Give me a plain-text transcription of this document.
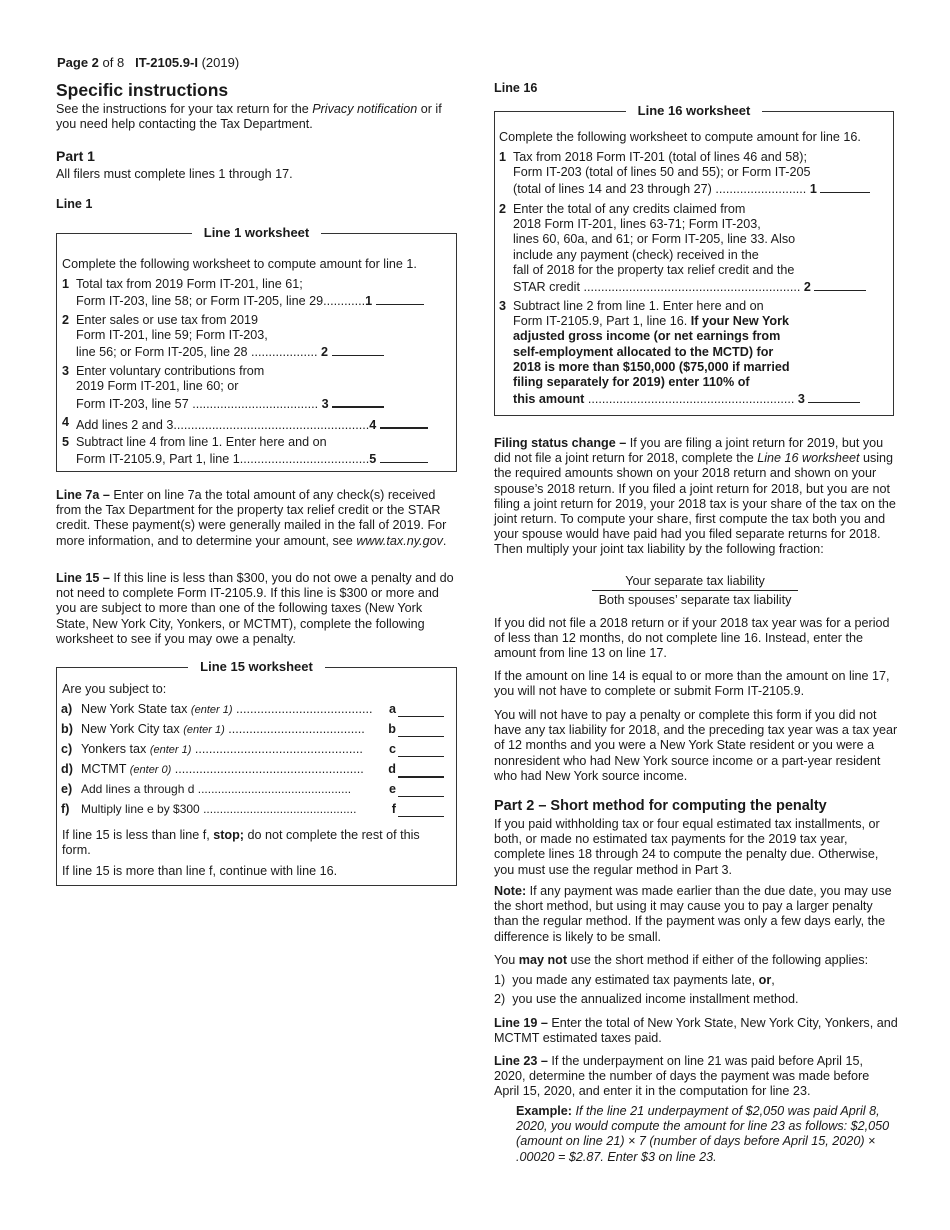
Page 2 of 8 IT-2105.9-I (2019)
Specific instructions

See the instructions for your tax return for the Privacy notification or if you need help contacting the Tax Department.

Part 1

All filers must complete lines 1 through 17.

Line 1
Line 1 worksheet

Complete the following worksheet to compute amount for line 1.

1 Total tax from 2019 Form IT-201, line 61;
Form IT-203, line 58; or Form IT-205, line 29............1
2 Enter sales or use tax from 2019
Form IT-201, line 59; Form IT-203,
line 56; or Form IT-205, line 28 ................... 2
3 Enter voluntary contributions from
2019 Form IT-201, line 60; or
Form IT-203, line 57 .................................... 3
4 Add lines 2 and 3........................................................4
5 Subtract line 4 from line 1. Enter here and on
Form IT-2105.9, Part 1, line 1.....................................5

Line 7a – Enter on line 7a the total amount of any check(s) received from the Tax Department for the property tax relief credit or the STAR credit. These payment(s) were generally mailed in the fall of 2019. For more information, and to determine your amount, see www.tax.ny.gov.

Line 15 – If this line is less than $300, you do not owe a penalty and do not need to complete Form IT-2105.9. If this line is $300 or more and you are subject to more than one of the following taxes (New York State, New York City, Yonkers, or MCTMT), complete the following worksheet to see if you may owe a penalty.

Line 15 worksheet

Are you subject to:

a) New York State tax (enter 1) ....................................... a
b) New York City tax (enter 1) ....................................... b
c) Yonkers tax (enter 1) ................................................ c
d) MCTMT (enter 0) ...................................................... d
e) Add lines a through d ..............................................	e
f) Multiply line e by $300 ..............................................	f

If line 15 is less than line f, stop; do not complete the rest of this form.

If line 15 is more than line f, continue with line 16.

Line 16
Line 16 worksheet

Complete the following worksheet to compute amount for line 16.

1 Tax from 2018 Form IT-201 (total of lines 46 and 58);
Form IT-203 (total of lines 50 and 55); or Form IT-205
(total of lines 14 and 23 through 27) .......................... 1
2 Enter the total of any credits claimed from
2018 Form IT-201, lines 63-71; Form IT-203,
lines 60, 60a, and 61; or Form IT-205, line 33. Also
include any payment (check) received in the
fall of 2018 for the property tax relief credit and the
STAR credit .............................................................. 2
3 Subtract line 2 from line 1. Enter here and on
Form IT-2105.9, Part 1, line 16. If your New York
adjusted gross income (or net earnings from
self-employment allocated to the MCTD) for
2018 is more than $150,000 ($75,000 if married
filing separately for 2019) enter 110% of
this amount ........................................................... 3

Filing status change – If you are filing a joint return for 2019, but you did not file a joint return for 2018, complete the Line 16 worksheet using the required amounts shown on your 2018 return and shown on your spouse’s 2018 return. If you filed a joint return for 2018, but you are not filing a joint return for 2019, your 2018 tax is your share of the tax on the joint return. To compute your share, first compute the tax both you and your spouse would have paid had you filed separate returns for 2018. Then multiply your joint tax liability by the following fraction:

Your separate tax liability
Both spouses’ separate tax liability

If you did not file a 2018 return or if your 2018 tax year was for a period of less than 12 months, do not complete line 16. Instead, enter the amount from line 13 on line 17.

If the amount on line 14 is equal to or more than the amount on line 17, you will not have to complete or submit Form IT-2105.9.

You will not have to pay a penalty or complete this form if you did not have any tax liability for 2018, and the preceding tax year was a tax year of 12 months and you were a New York State resident or you were a nonresident who had New York source income or a part-year resident who had New York source income.

Part 2 – Short method for computing the penalty

If you paid withholding tax or four equal estimated tax installments, or both, or made no estimated tax payments for the 2019 tax year, complete lines 18 through 24 to compute the penalty due. Otherwise, you must use the regular method in Part 3.

Note: If any payment was made earlier than the due date, you may use the short method, but using it may cause you to pay a larger penalty than the regular method. If the payment was only a few days early, the difference is likely to be small.

You may not use the short method if either of the following applies:

1) you made any estimated tax payments late, or,

2) you use the annualized income installment method.

Line 19 – Enter the total of New York State, New York City, Yonkers, and MCTMT estimated taxes paid.

Line 23 – If the underpayment on line 21 was paid before April 15, 2020, determine the number of days the payment was made before April 15, 2020, and enter it in the computation for line 23.

Example: If the line 21 underpayment of $2,050 was paid April 8, 2020, you would compute the amount for line 23 as follows: $2,050 (amount on line 21) × 7 (number of days before April 15, 2020) × .00020 = $2.87. Enter $3 on line 23.
